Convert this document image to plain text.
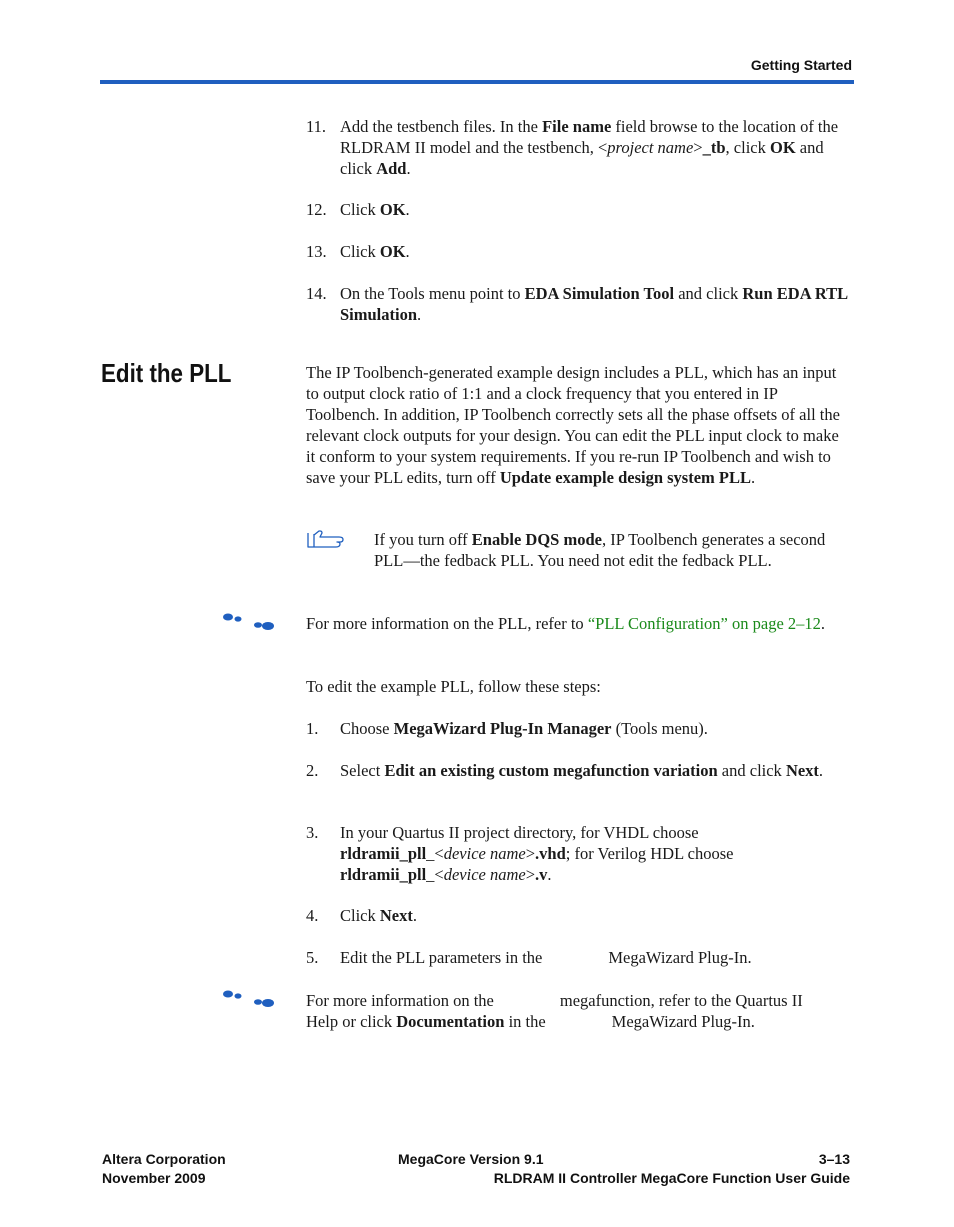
Getting Started
11. Add the testbench files. In the File name field browse to the location of the RLDRAM II model and the testbench, <project name>_tb, click OK and click Add.
12. Click OK.
13. Click OK.
14. On the Tools menu point to EDA Simulation Tool and click Run EDA RTL Simulation.
Edit the PLL	The IP Toolbench-generated example design includes a PLL, which has an input to output clock ratio of 1:1 and a clock frequency that you entered in IP Toolbench. In addition, IP Toolbench correctly sets all the phase offsets of all the relevant clock outputs for your design. You can edit the PLL input clock to make it conform to your system requirements. If you re-run IP Toolbench and wish to save your PLL edits, turn off Update example design system PLL.
If you turn off Enable DQS mode, IP Toolbench generates a second PLL—the fedback PLL. You need not edit the fedback PLL.
For more information on the PLL, refer to “PLL Configuration” on page 2–12.
To edit the example PLL, follow these steps:
1. Choose MegaWizard Plug-In Manager (Tools menu).
2. Select Edit an existing custom megafunction variation and click Next.
3. In your Quartus II project directory, for VHDL choose rldramii_pll_<device name>.vhd; for Verilog HDL choose rldramii_pll_<device name>.v.
4. Click Next.
5. Edit the PLL parameters in the                MegaWizard Plug-In.
For more information on the                megafunction, refer to the Quartus II Help or click Documentation in the                MegaWizard Plug-In.
Altera Corporation
November 2009
MegaCore Version 9.1	3–13
RLDRAM II Controller MegaCore Function User Guide
